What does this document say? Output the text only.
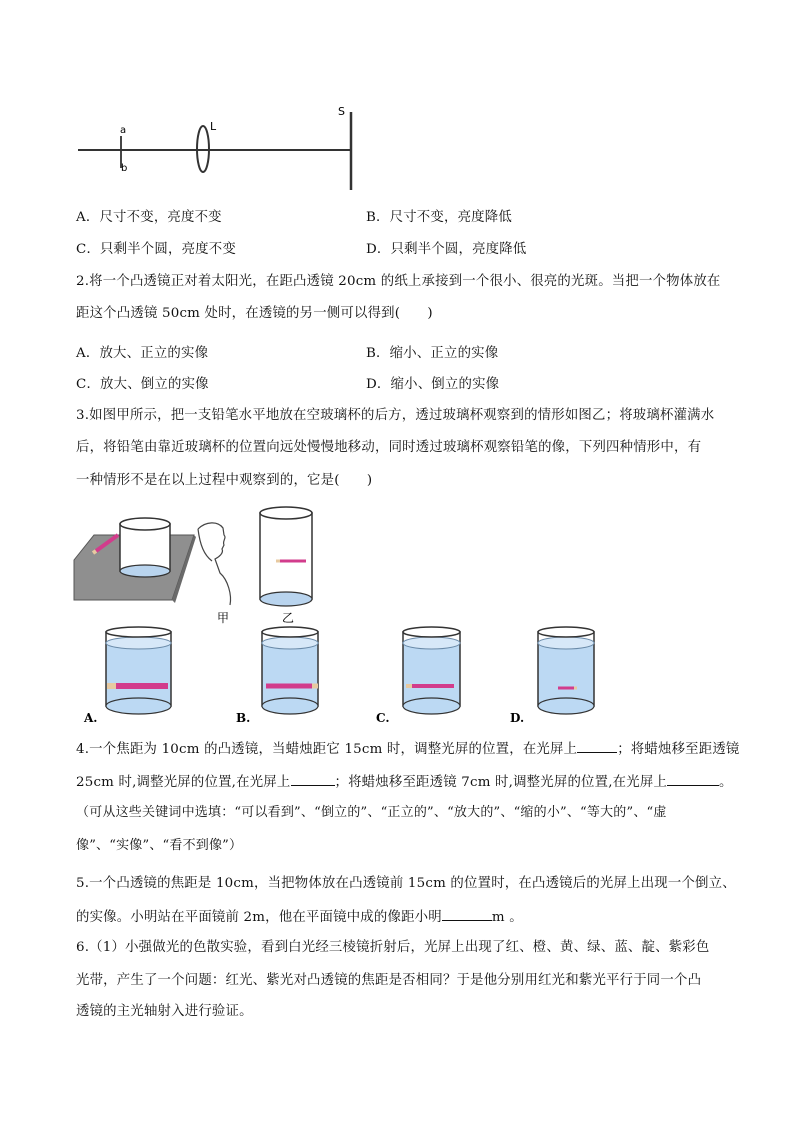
a
b
L
S
A．尺寸不变，亮度不变	B．尺寸不变，亮度降低
C．只剩半个圆，亮度不变	D．只剩半个圆，亮度降低
2.将一个凸透镜正对着太阳光，在距凸透镜 20cm 的纸上承接到一个很小、很亮的光斑。当把一个物体放在
距这个凸透镜 50cm 处时，在透镜的另一侧可以得到(　　)
A．放大、正立的实像	B．缩小、正立的实像
C．放大、倒立的实像	D．缩小、倒立的实像
3.如图甲所示，把一支铅笔水平地放在空玻璃杯的后方，透过玻璃杯观察到的情形如图乙；将玻璃杯灌满水
后，将铅笔由靠近玻璃杯的位置向远处慢慢地移动，同时透过玻璃杯观察铅笔的像，下列四种情形中，有
一种情形不是在以上过程中观察到的，它是(　　)
甲	乙
A.	B.	C.	D.
4.一个焦距为 10cm 的凸透镜，当蜡烛距它 15cm 时，调整光屏的位置，在光屏上	；将蜡烛移至距透镜
25cm 时,调整光屏的位置,在光屏上	；将蜡烛移至距透镜 7cm 时,调整光屏的位置,在光屏上	。
（可从这些关键词中选填：“可以看到”、“倒立的”、“正立的”、“放大的”、“缩的小”、“等大的”、“虚
像”、“实像”、“看不到像”）
5.一个凸透镜的焦距是 10cm，当把物体放在凸透镜前 15cm 的位置时，在凸透镜后的光屏上出现一个倒立、
的实像。小明站在平面镜前 2m，他在平面镜中成的像距小明	m 。
6.（1）小强做光的色散实验，看到白光经三棱镜折射后，光屏上出现了红、橙、黄、绿、蓝、靛、紫彩色
光带，产生了一个问题：红光、紫光对凸透镜的焦距是否相同？于是他分别用红光和紫光平行于同一个凸
透镜的主光轴射入进行验证。
